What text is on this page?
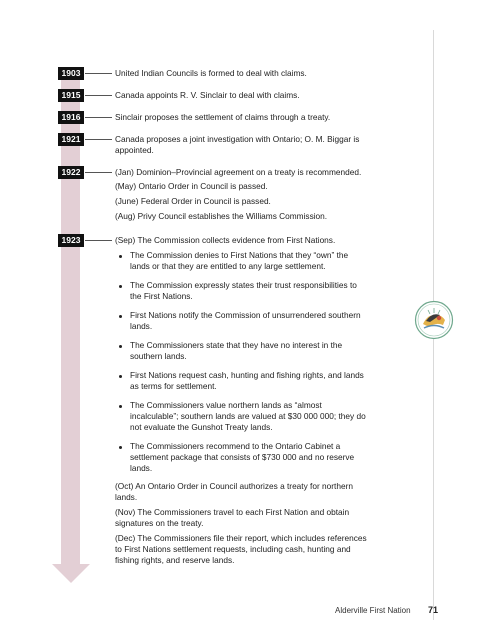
1903	United Indian Councils is formed to deal with claims.
1915	Canada appoints R. V. Sinclair to deal with claims.
1916	Sinclair proposes the settlement of claims through a treaty.
1921	Canada proposes a joint investigation with Ontario; O. M. Biggar is appointed.
1922	(Jan) Dominion–Provincial agreement on a treaty is recommended.
(May) Ontario Order in Council is passed.
(June) Federal Order in Council is passed.
(Aug) Privy Council establishes the Williams Commission.
1923	(Sep) The Commission collects evidence from First Nations.
The Commission denies to First Nations that they “own” the lands or that they are entitled to any large settlement.
The Commission expressly states their trust responsibilities to the First Nations.
First Nations notify the Commission of unsurrendered southern lands.
The Commissioners state that they have no interest in the southern lands.
First Nations request cash, hunting and fishing rights, and lands as terms for settlement.
The Commissioners value northern lands as “almost incalculable”; southern lands are valued at $30 000 000; they do not evaluate the Gunshot Treaty lands.
The Commissioners recommend to the Ontario Cabinet a settlement package that consists of $730 000 and no reserve lands.
(Oct) An Ontario Order in Council authorizes a treaty for northern lands.
(Nov) The Commissioners travel to each First Nation and obtain signatures on the treaty.
(Dec) The Commissioners file their report, which includes references to First Nations settlement requests, including cash, hunting and fishing rights, and reserve lands.
Alderville First Nation 71
